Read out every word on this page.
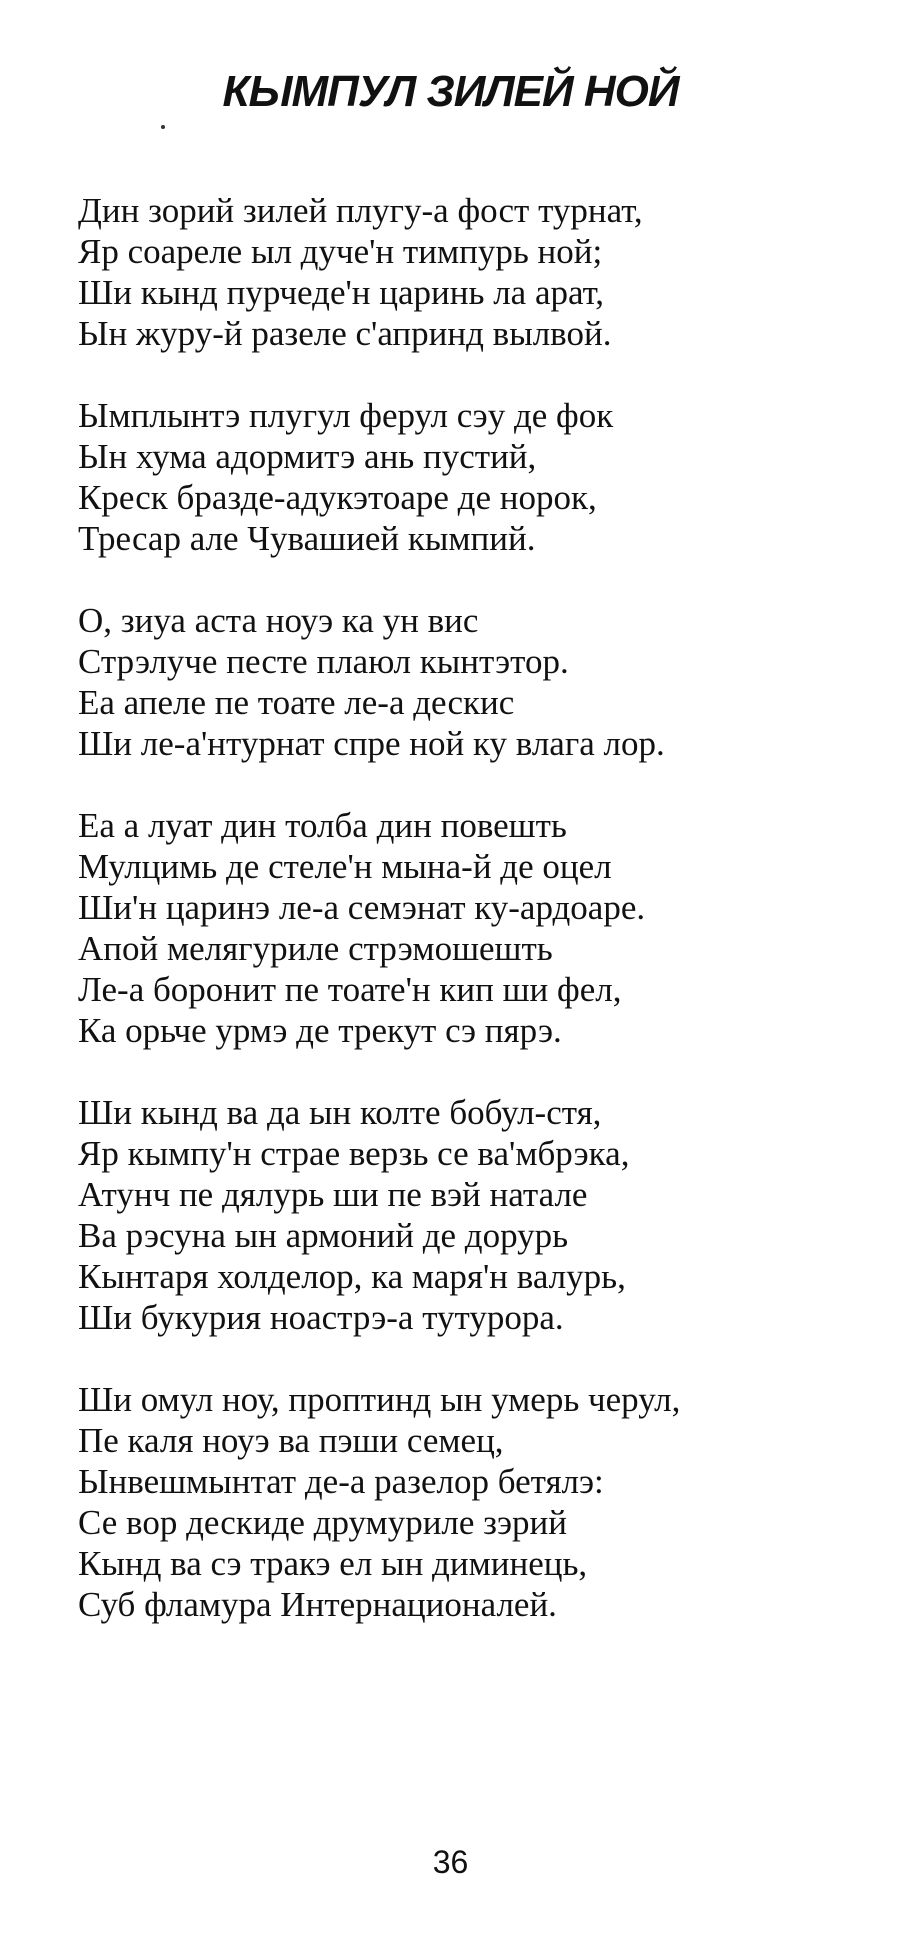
КЫМПУЛ ЗИЛЕЙ НОЙ
Дин зорий зилей плугу-а фост турнат,
Яр соареле ыл дуче'н тимпурь ной;
Ши кынд пурчеде'н царинь ла арат,
Ын журу-й разеле с'апринд вылвой.
Ымплынтэ плугул ферул сэу де фок
Ын хума адормитэ ань пустий,
Креск бразде-адукэтоаре де норок,
Тресар але Чувашией кымпий.
О, зиуа аста ноуэ ка ун вис
Стрэлуче песте плаюл кынтэтор.
Еа апеле пе тоате ле-а дескис
Ши ле-а'нтурнат спре ной ку влага лор.
Еа а луат дин толба дин повешть
Мулцимь де стеле'н мына-й де оцел
Ши'н царинэ ле-а семэнат ку-ардоаре.
Апой мелягуриле стрэмошешть
Ле-а боронит пе тоате'н кип ши фел,
Ка орьче урмэ де трекут сэ пярэ.
Ши кынд ва да ын колте бобул-стя,
Яр кымпу'н страе верзь се ва'мбрэка,
Атунч пе дялурь ши пе вэй натале
Ва рэсуна ын армоний де дорурь
Кынтаря холделор, ка маря'н валурь,
Ши букурия ноастрэ-а тутурора.
Ши омул ноу, проптинд ын умерь черул,
Пе каля ноуэ ва пэши семец,
Ынвешмынтат де-а разелор бетялэ:
Се вор дескиде друмуриле зэрий
Кынд ва сэ тракэ ел ын диминець,
Суб фламура Интернационалей.
36
